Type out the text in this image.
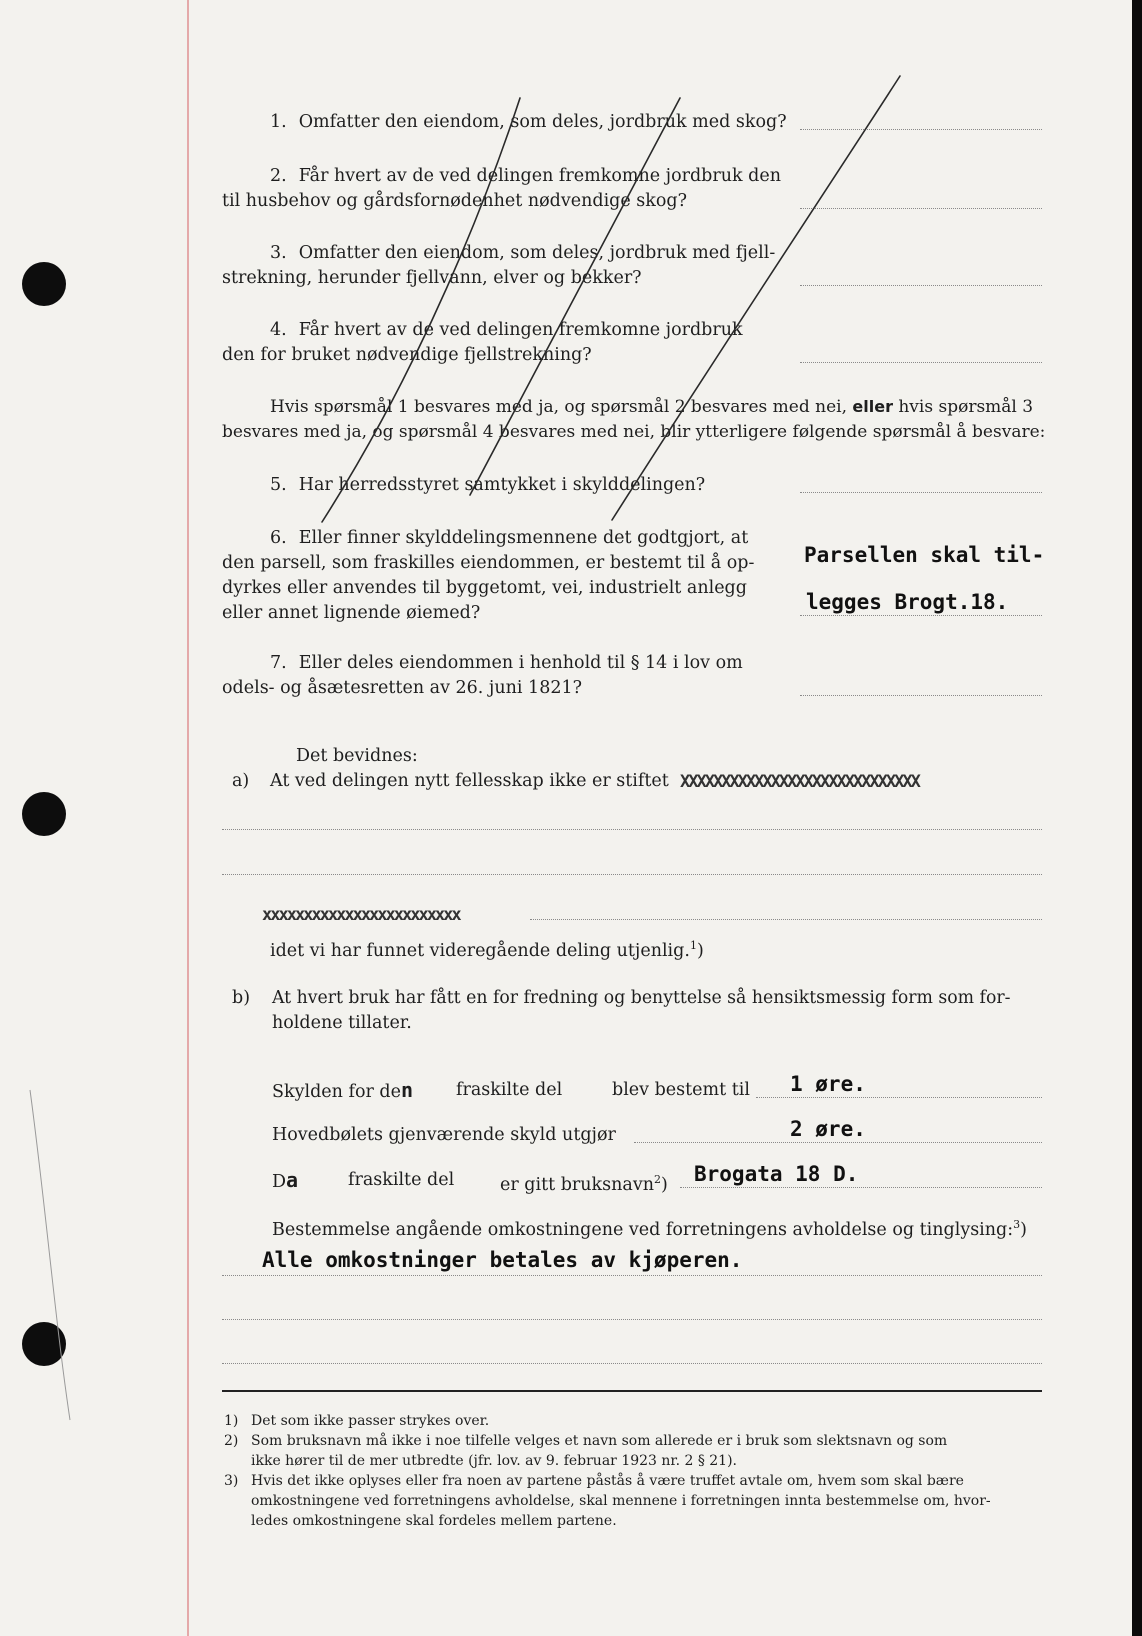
1. Omfatter den eiendom, som deles, jordbruk med skog?
2. Får hvert av de ved delingen fremkomne jordbruk den
til husbehov og gårdsfornødenhet nødvendige skog?
3. Omfatter den eiendom, som deles, jordbruk med fjell-
strekning, herunder fjellvann, elver og bekker?
4. Får hvert av de ved delingen fremkomne jordbruk
den for bruket nødvendige fjellstrekning?
Hvis spørsmål 1 besvares med ja, og spørsmål 2 besvares med nei, eller hvis spørsmål 3
besvares med ja, og spørsmål 4 besvares med nei, blir ytterligere følgende spørsmål å besvare:
5. Har herredsstyret samtykket i skylddelingen?
6. Eller finner skylddelingsmennene det godtgjort, at
den parsell, som fraskilles eiendommen, er bestemt til å op-
dyrkes eller anvendes til byggetomt, vei, industrielt anlegg
eller annet lignende øiemed?
Parsellen skal til-
legges Brogt.18.
7. Eller deles eiendommen i henhold til § 14 i lov om
odels- og åsætesretten av 26. juni 1821?
Det bevidnes:
a) At ved delingen nytt fellesskap ikke er stiftet XXXXXXXXXXXXXXXXXXXXXXXXXXXXX
xxxxxxxxxxxxxxxxxxxxxxxx
idet vi har funnet videregående deling utjenlig.$^1$)
b) At hvert bruk har fått en for fredning og benyttelse så hensiktsmessig form som for-
holdene tillater.
Skylden for den fraskilte del	blev bestemt til 1 øre.
Hovedbølets gjenværende skyld utgjør	2 øre.
Da	fraskilte del	er gitt bruksnavn$^2$) Brogata 18 D.
Bestemmelse angående omkostningene ved forretningens avholdelse og tinglysing:$^3$)
Alle omkostninger betales av kjøperen.
1) Det som ikke passer strykes over.
2) Som bruksnavn må ikke i noe tilfelle velges et navn som allerede er i bruk som slektsnavn og som
ikke hører til de mer utbredte (jfr. lov. av 9. februar 1923 nr. 2 § 21).
3) Hvis det ikke oplyses eller fra noen av partene påstås å være truffet avtale om, hvem som skal bære
omkostningene ved forretningens avholdelse, skal mennene i forretningen innta bestemmelse om, hvor-
ledes omkostningene skal fordeles mellem partene.
